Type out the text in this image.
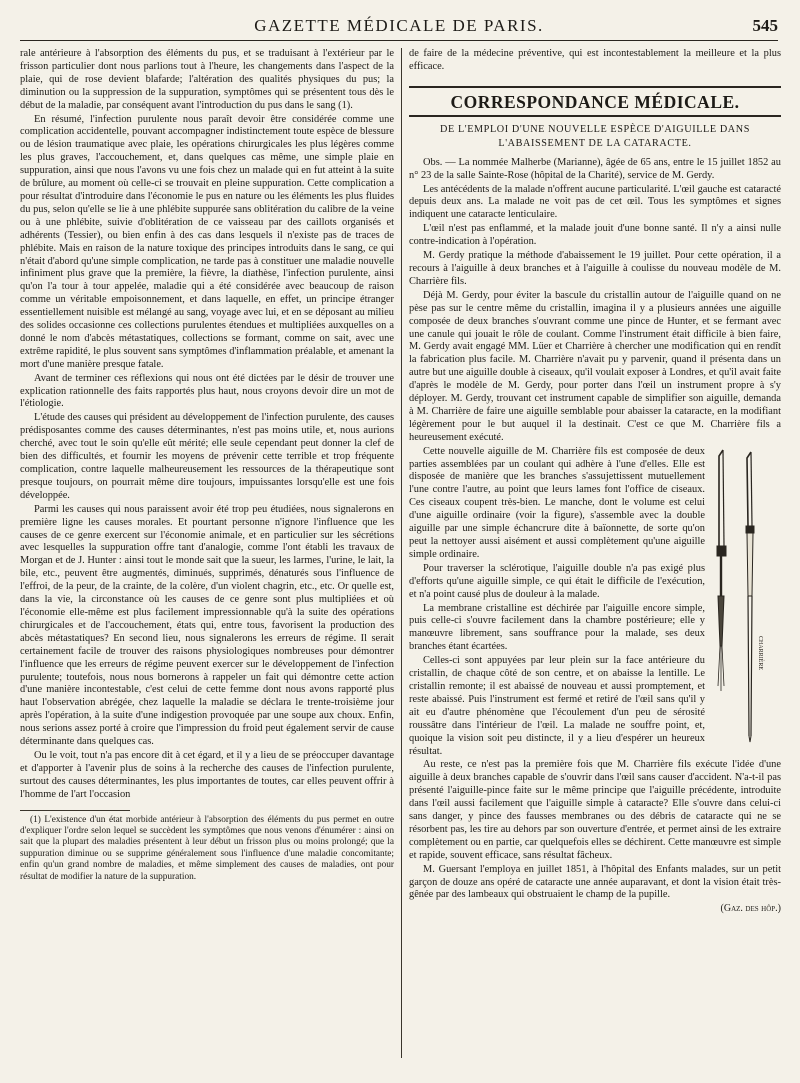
GAZETTE MÉDICALE DE PARIS.	545

rale antérieure à l'absorption des éléments du pus, et se traduisant à l'extérieur par le frisson particulier dont nous parlions tout à l'heure, les changements dans l'aspect de la plaie, qui de rose devient blafarde; l'altération des qualités physiques du pus; la diminution ou la suppression de la suppuration, symptômes qui se présentent tous dès le début de la maladie, par conséquent avant l'introduction du pus dans le sang (1).

En résumé, l'infection purulente nous paraît devoir être considérée comme une complication accidentelle, pouvant accompagner indistinctement toute espèce de blessure ou de lésion traumatique avec plaie, les opérations chirurgicales les plus légères comme les plus graves, l'accouchement, et, dans quelques cas même, une simple plaie en suppuration, ainsi que nous l'avons vu une fois chez un malade qui en fut atteint à la suite de brûlure, au moment où celle-ci se trouvait en pleine suppuration. Cette complication a pour résultat d'introduire dans l'économie le pus en nature ou les éléments les plus fluides du pus, selon qu'elle se lie à une phlébite suppurée sans oblitération du calibre de la veine ou à une phlébite, suivie d'oblitération de ce vaisseau par des caillots organisés et adhérents (Tessier), ou bien enfin à des cas dans lesquels il n'existe pas de traces de phlébite. Mais en raison de la nature toxique des principes introduits dans le sang, ce qui n'était d'abord qu'une simple complication, ne tarde pas à constituer une maladie nouvelle infiniment plus grave que la première, la fièvre, la diathèse, l'infection purulente, ainsi qu'on l'a tour à tour appelée, maladie qui a été considérée avec beaucoup de raison comme un véritable empoisonnement, et dans laquelle, en effet, un principe étranger essentiellement nuisible est mélangé au sang, voyage avec lui, et en se déposant au milieu des solides occasionne ces collections purulentes étendues et multipliées auxquelles on a donné le nom d'abcès métastatiques, collections se formant, comme on sait, avec une extrême rapidité, le plus souvent sans symptômes d'inflammation préalable, et amenant la mort d'une manière presque fatale.

Avant de terminer ces réflexions qui nous ont été dictées par le désir de trouver une explication rationnelle des faits rapportés plus haut, nous croyons devoir dire un mot de l'étiologie.

L'étude des causes qui président au développement de l'infection purulente, des causes prédisposantes comme des causes déterminantes, n'est pas moins utile, et, nous aurions cherché, avec tout le soin qu'elle eût mérité; elle seule cependant peut donner la clef de bien des difficultés, et fournir les moyens de prévenir cette terrible et trop fréquente complication, contre laquelle malheureusement les ressources de la thérapeutique sont presque toujours, on pourrait même dire toujours, impuissantes lorsqu'elle est une fois développée.

Parmi les causes qui nous paraissent avoir été trop peu étudiées, nous signalerons en première ligne les causes morales. Et pourtant personne n'ignore l'influence que les causes de ce genre exercent sur l'économie animale, et en particulier sur les sécrétions avec lesquelles la suppuration offre tant d'analogie, comme l'ont établi les travaux de Morgan et de J. Hunter : ainsi tout le monde sait que la sueur, les larmes, l'urine, le lait, la bile, etc., peuvent être augmentés, diminués, supprimés, dénaturés sous l'influence de l'effroi, de la peur, de la crainte, de la colère, d'un violent chagrin, etc., etc. Or quelle est, dans la vie, la circonstance où les causes de ce genre sont plus multipliées et où l'économie elle-même est plus facilement impressionnable qu'à la suite des opérations chirurgicales et de l'accouchement, états qui, entre tous, favorisent la production des abcès métastatiques? En second lieu, nous signalerons les erreurs de régime. Il serait certainement facile de trouver des raisons physiologiques nombreuses pour démontrer l'influence que les erreurs de régime peuvent exercer sur le développement de l'infection purulente; toutefois, nous nous bornerons à rappeler un fait qui démontre cette action d'une manière incontestable, c'est celui de cette femme dont nous avons rapporté plus haut l'observation abrégée, chez laquelle la maladie se déclara le trente-troisième jour après l'opération, à la suite d'une indigestion provoquée par une soupe aux choux. Enfin, nous serions assez porté à croire que l'impression du froid peut également servir de cause déterminante dans quelques cas.

Ou le voit, tout n'a pas encore dit à cet égard, et il y a lieu de se préoccuper davantage et d'apporter à l'avenir plus de soins à la recherche des causes de l'infection purulente, surtout des causes déterminantes, les plus importantes de toutes, car elles peuvent offrir à l'homme de l'art l'occasion

(1) L'existence d'un état morbide antérieur à l'absorption des éléments du pus permet en outre d'expliquer l'ordre selon lequel se succèdent les symptômes que nous venons d'énumérer : ainsi on sait que la plupart des maladies présentent à leur début un frisson plus ou moins prolongé; que la suppuration diminue ou se supprime généralement sous l'influence d'une maladie concomitante; enfin qu'un grand nombre de maladies, et même simplement des causes de maladies, ont pour résultat de modifier la nature de la suppuration.

de faire de la médecine préventive, qui est incontestablement la meilleure et la plus efficace.

CORRESPONDANCE MÉDICALE.
DE L'EMPLOI D'UNE NOUVELLE ESPÈCE D'AIGUILLE DANS
L'ABAISSEMENT DE LA CATARACTE.

Obs. — La nommée Malherbe (Marianne), âgée de 65 ans, entre le 15 juillet 1852 au n° 23 de la salle Sainte-Rose (hôpital de la Charité), service de M. Gerdy.

Les antécédents de la malade n'offrent aucune particularité. L'œil gauche est cataracté depuis deux ans. La malade ne voit pas de cet œil. Tous les symptômes et signes indiquent une cataracte lenticulaire.

L'œil n'est pas enflammé, et la malade jouit d'une bonne santé. Il n'y a ainsi nulle contre-indication à l'opération.

M. Gerdy pratique la méthode d'abaissement le 19 juillet. Pour cette opération, il a recours à l'aiguille à deux branches et à l'aiguille à coulisse du nouveau modèle de M. Charrière fils.

Déjà M. Gerdy, pour éviter la bascule du cristallin autour de l'aiguille quand on ne pèse pas sur le centre même du cristallin, imagina il y a plusieurs années une aiguille composée de deux branches s'ouvrant comme une pince de Hunter, et se fermant avec une canule qui jouait le rôle de coulant. Comme l'instrument était difficile à bien faire, M. Gerdy avait engagé MM. Lüer et Charrière à chercher une modification qui en rendît la fabrication plus facile. M. Charrière n'avait pu y parvenir, quand il présenta dans un autre but une aiguille double à ciseaux, qu'il voulait exposer à Londres, et qu'il avait faite d'après le modèle de M. Gerdy, pour porter dans l'œil un instrument propre à s'y déployer. M. Gerdy, trouvant cet instrument capable de simplifier son aiguille, demanda à M. Charrière de faire une aiguille semblable pour abaisser la cataracte, en la modifiant légèrement pour le but auquel il la destinait. C'est ce que M. Charrière fils a heureusement exécuté.

Cette nouvelle aiguille de M. Charrière fils est composée de deux parties assemblées par un coulant qui adhère à l'une d'elles. Elle est disposée de manière que les branches s'assujettissent mutuellement l'une contre l'autre, au point que leurs lames font l'office de ciseaux. Ces ciseaux coupent très-bien. Le manche, dont le volume est celui d'une aiguille ordinaire (voir la figure), s'assemble avec la double aiguille par une simple échancrure dite à baïonnette, de sorte qu'on peut la nettoyer aussi aisément et aussi complètement qu'une aiguille simple ordinaire.

Pour traverser la sclérotique, l'aiguille double n'a pas exigé plus d'efforts qu'une aiguille simple, ce qui était le difficile de l'exécution, et n'a point causé plus de douleur à la malade.

La membrane cristalline est déchirée par l'aiguille encore simple, puis celle-ci s'ouvre facilement dans la chambre postérieure; elle y manœuvre librement, sans souffrance pour la malade, ses deux branches étant écartées.

Celles-ci sont appuyées par leur plein sur la face antérieure du cristallin, de chaque côté de son centre, et on abaisse la lentille. Le cristallin remonte; il est abaissé de nouveau et aussi promptement, et reste abaissé. Puis l'instrument est fermé et retiré de l'œil sans qu'il y ait eu d'autre phénomène que l'écoulement d'un peu de sérosité roussâtre dans l'intérieur de l'œil. La malade ne souffre point, et, quoique la vision soit peu distincte, il y a lieu d'espérer un heureux résultat.

CHARRIÈRE

Au reste, ce n'est pas la première fois que M. Charrière fils exécute l'idée d'une aiguille à deux branches capable de s'ouvrir dans l'œil sans causer d'accident. N'a-t-il pas présenté l'aiguille-pince faite sur le même principe que l'aiguille précédente, introduite dans l'œil aussi facilement que l'aiguille simple à cataracte? Elle s'ouvre dans celui-ci sans danger, y pince des fausses membranes ou des débris de cataracte qui ne se résorbent pas, les tire au dehors par son ouverture d'entrée, et permet ainsi de les extraire complètement ou en partie, car quelquefois elles se déchirent. Cette manœuvre est simple et rapide, souvent efficace, sans résultat fâcheux.

M. Guersant l'employa en juillet 1851, à l'hôpital des Enfants malades, sur un petit garçon de douze ans opéré de cataracte une année auparavant, et dont la vision était très-gênée par des lambeaux qui obstruaient le champ de la pupille.

(Gaz. des hôp.)
